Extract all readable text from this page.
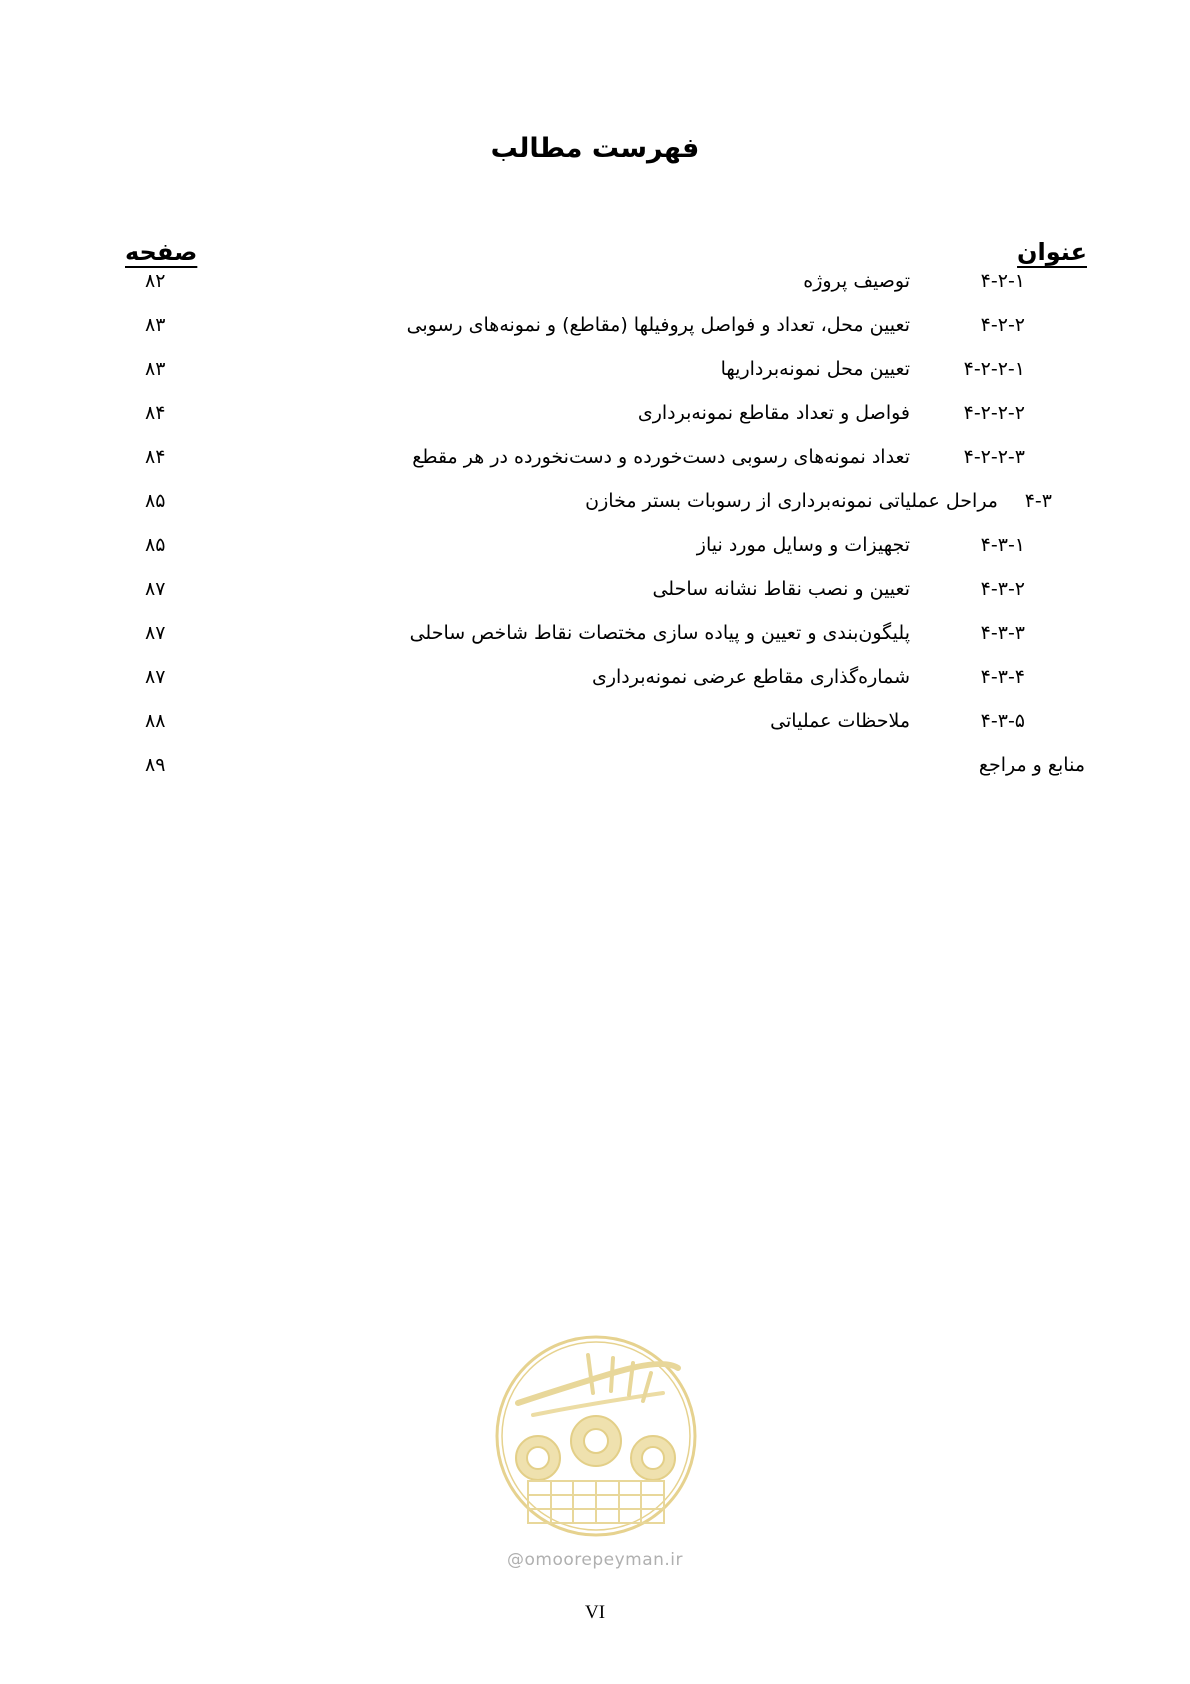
فهرست مطالب
عنوان
صفحه
۴-۲-۱
توصیف پروژه
۸۲
۴-۲-۲
تعیین محل، تعداد و فواصل پروفیلها (مقاطع) و نمونه‌های رسوبی
۸۳
۴-۲-۲-۱
تعیین محل نمونه‌برداریها
۸۳
۴-۲-۲-۲
فواصل و تعداد مقاطع نمونه‌برداری
۸۴
۴-۲-۲-۳
تعداد نمونه‌های رسوبی دست‌خورده و دست‌نخورده در هر مقطع
۸۴
۴-۳
مراحل عملیاتی نمونه‌برداری از رسوبات بستر مخازن
۸۵
۴-۳-۱
تجهیزات و وسایل مورد نیاز
۸۵
۴-۳-۲
تعیین و نصب نقاط نشانه ساحلی
۸۷
۴-۳-۳
پلیگون‌بندی و تعیین و پیاده سازی مختصات نقاط شاخص ساحلی
۸۷
۴-۳-۴
شماره‌گذاری مقاطع عرضی نمونه‌برداری
۸۷
۴-۳-۵
ملاحظات عملیاتی
۸۸
منابع و مراجع
۸۹
@omoorepeyman.ir
VI
